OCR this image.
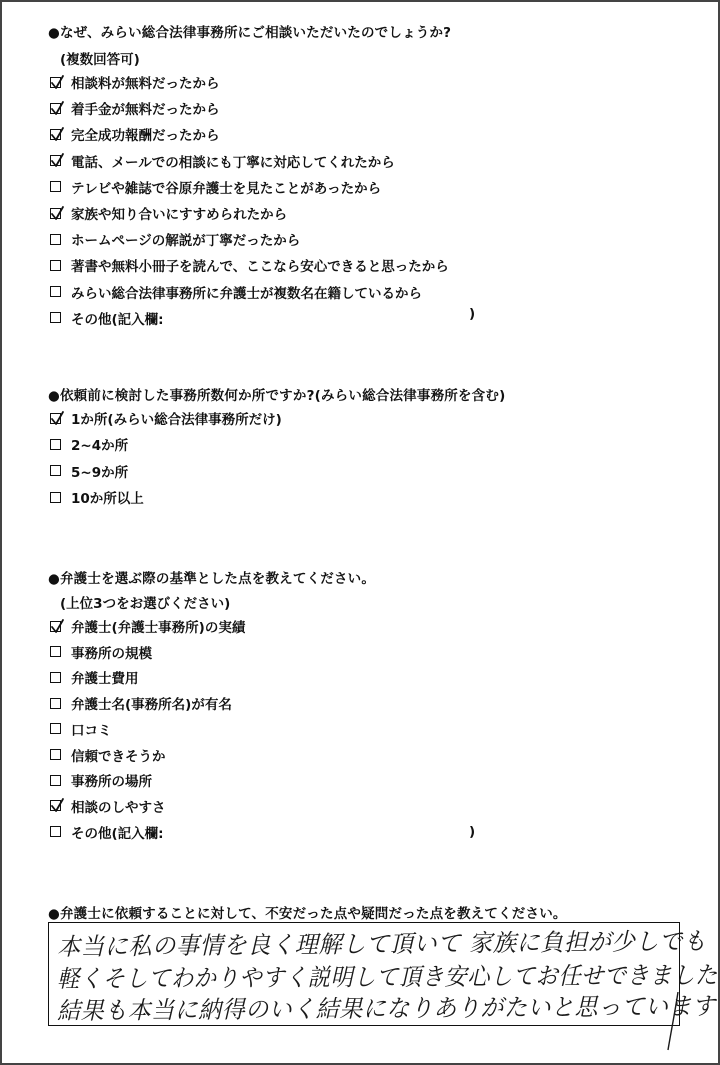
●なぜ、みらい総合法律事務所にご相談いただいたのでしょうか?
(複数回答可)
相談料が無料だったから
着手金が無料だったから
完全成功報酬だったから
電話、メールでの相談にも丁寧に対応してくれたから
テレビや雑誌で谷原弁護士を見たことがあったから
家族や知り合いにすすめられたから
ホームページの解説が丁寧だったから
著書や無料小冊子を読んで、ここなら安心できると思ったから
みらい総合法律事務所に弁護士が複数名在籍しているから
その他(記入欄:	)
●依頼前に検討した事務所数何か所ですか?(みらい総合法律事務所を含む)
1か所(みらい総合法律事務所だけ)
2~4か所
5~9か所
10か所以上
●弁護士を選ぶ際の基準とした点を教えてください。
(上位3つをお選びください)
弁護士(弁護士事務所)の実績
事務所の規模
弁護士費用
弁護士名(事務所名)が有名
口コミ
信頼できそうか
事務所の場所
相談のしやすさ
その他(記入欄:	)
●弁護士に依頼することに対して、不安だった点や疑問だった点を教えてください。
本当に私の事情を良く理解して頂いて 家族に負担が少しでも
軽くそしてわかりやすく説明して頂き安心してお任せできました
結果も本当に納得のいく結果になりありがたいと思っています
